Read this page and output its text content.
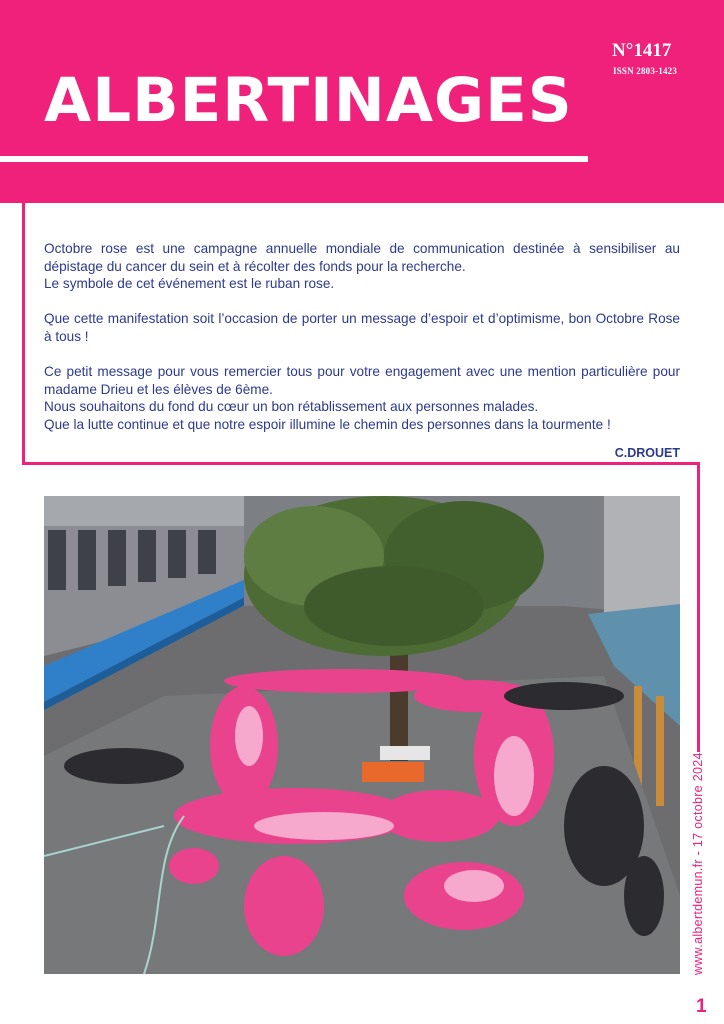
N°1417
ISSN 2803-1423
ALBERTINAGES

Octobre rose est une campagne annuelle mondiale de communication destinée à sensibiliser au dépistage du cancer du sein et à récolter des fonds pour la recherche.
Le symbole de cet événement est le ruban rose.

Que cette manifestation soit l’occasion de porter un message d’espoir et d’optimisme, bon Octobre Rose à tous !

Ce petit message pour vous remercier tous pour votre engagement avec une mention particulière pour madame Drieu et les élèves de 6ème.
Nous souhaitons du fond du cœur un bon rétablissement aux personnes malades.
Que la lutte continue et que notre espoir illumine le chemin des personnes dans la tourmente !

C.DROUET
www.albertdemun.fr - 17 octobre 2024
1
